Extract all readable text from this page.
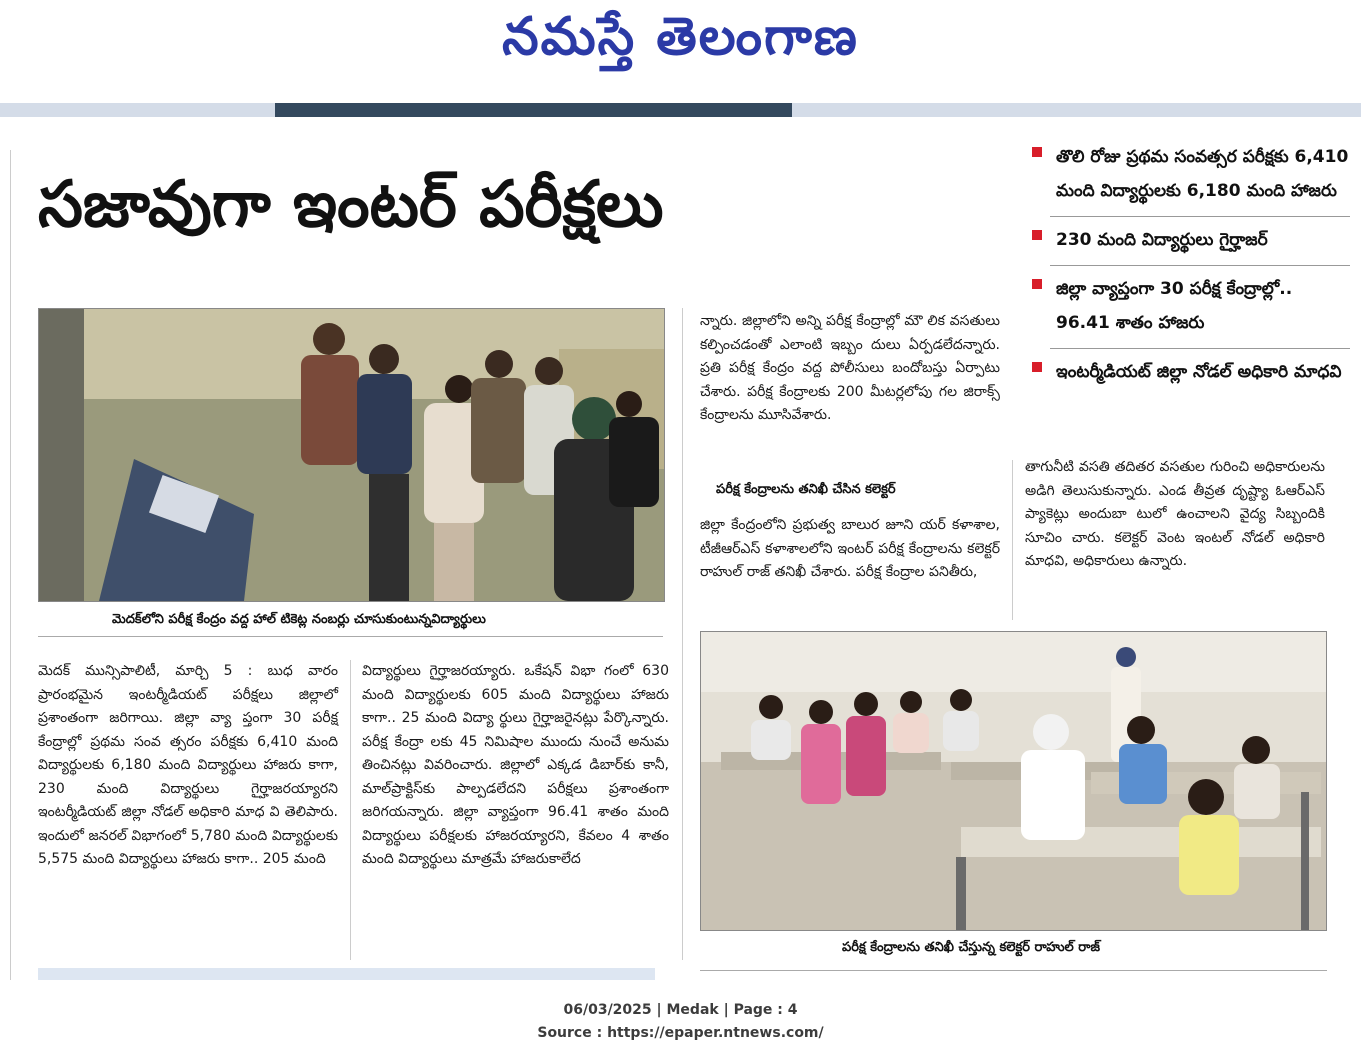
నమస్తే తెలంగాణ
సజావుగా ఇంటర్ పరీక్షలు
తొలి రోజు ప్రథమ సంవత్సర పరీక్షకు 6,410 మంది విద్యార్థులకు 6,180 మంది హాజరు
230 మంది విద్యార్థులు గైర్హాజర్
జిల్లా వ్యాప్తంగా 30 పరీక్ష కేంద్రాల్లో.. 96.41 శాతం హాజరు
ఇంటర్మీడియట్ జిల్లా నోడల్ అధికారి మాధవి
మెదక్‌లోని పరీక్ష కేంద్రం వద్ద హాల్ టికెట్ల నంబర్లు చూసుకుంటున్నవిద్యార్థులు

న్నారు. జిల్లాలోని అన్ని పరీక్ష కేంద్రాల్లో మౌ లిక వసతులు కల్పించడంతో ఎలాంటి ఇబ్బం దులు ఏర్పడలేదన్నారు. ప్రతి పరీక్ష కేంద్రం వద్ద పోలీసులు బందోబస్తు ఏర్పాటు చేశారు. పరీక్ష కేంద్రాలకు 200 మీటర్లలోపు గల జిరాక్స్ కేంద్రాలను మూసివేశారు.

పరీక్ష కేంద్రాలను తనిఖీ చేసిన కలెక్టర్

జిల్లా కేంద్రంలోని ప్రభుత్వ బాలుర జూని యర్ కళాశాల, టీజీఆర్ఎస్ కళాశాలలోని ఇంటర్ పరీక్ష కేంద్రాలను కలెక్టర్ రాహుల్ రాజ్ తనిఖీ చేశారు. పరీక్ష కేంద్రాల పనితీరు,

తాగునీటి వసతి తదితర వసతుల గురించి అధికారులను అడిగి తెలుసుకున్నారు. ఎండ తీవ్రత దృష్ట్యా ఓఆర్ఎస్ ప్యాకెట్లు అందుబా టులో ఉంచాలని వైద్య సిబ్బందికి సూచిం చారు. కలెక్టర్ వెంట ఇంటల్ నోడల్ అధికారి మాధవి, అధికారులు ఉన్నారు.

పరీక్ష కేంద్రాలను తనిఖీ చేస్తున్న కలెక్టర్ రాహుల్ రాజ్

మెదక్ మున్సిపాలిటీ, మార్చి 5 : బుధ వారం ప్రారంభమైన ఇంటర్మీడియట్ పరీక్షలు జిల్లాలో ప్రశాంతంగా జరిగాయి. జిల్లా వ్యా ప్తంగా 30 పరీక్ష కేంద్రాల్లో ప్రథమ సంవ త్సరం పరీక్షకు 6,410 మంది విద్యార్థులకు 6,180 మంది విద్యార్థులు హాజరు కాగా, 230 మంది విద్యార్థులు గైర్హాజరయ్యారని ఇంటర్మీడియట్ జిల్లా నోడల్ అధికారి మాధ వి తెలిపారు. ఇందులో జనరల్ విభాగంలో 5,780 మంది విద్యార్థులకు 5,575 మంది విద్యార్థులు హాజరు కాగా.. 205 మంది

విద్యార్థులు గైర్హాజరయ్యారు. ఒకేషన్ విభా గంలో 630 మంది విద్యార్థులకు 605 మంది విద్యార్థులు హాజరు కాగా.. 25 మంది విద్యా ర్థులు గైర్హాజరైనట్లు పేర్కొన్నారు. పరీక్ష కేంద్రా లకు 45 నిమిషాల ముందు నుంచే అనుమ తించినట్లు వివరించారు. జిల్లాలో ఎక్కడ డిబార్‌కు కానీ, మాల్‌ప్రాక్టిస్‌కు పాల్పడలేదని పరీక్షలు ప్రశాంతంగా జరిగయన్నారు. జిల్లా వ్యాప్తంగా 96.41 శాతం మంది విద్యార్థులు పరీక్షలకు హాజరయ్యారని, కేవలం 4 శాతం మంది విద్యార్థులు మాత్రమే హాజరుకాలేద

06/03/2025 | Medak | Page : 4
Source : https://epaper.ntnews.com/
